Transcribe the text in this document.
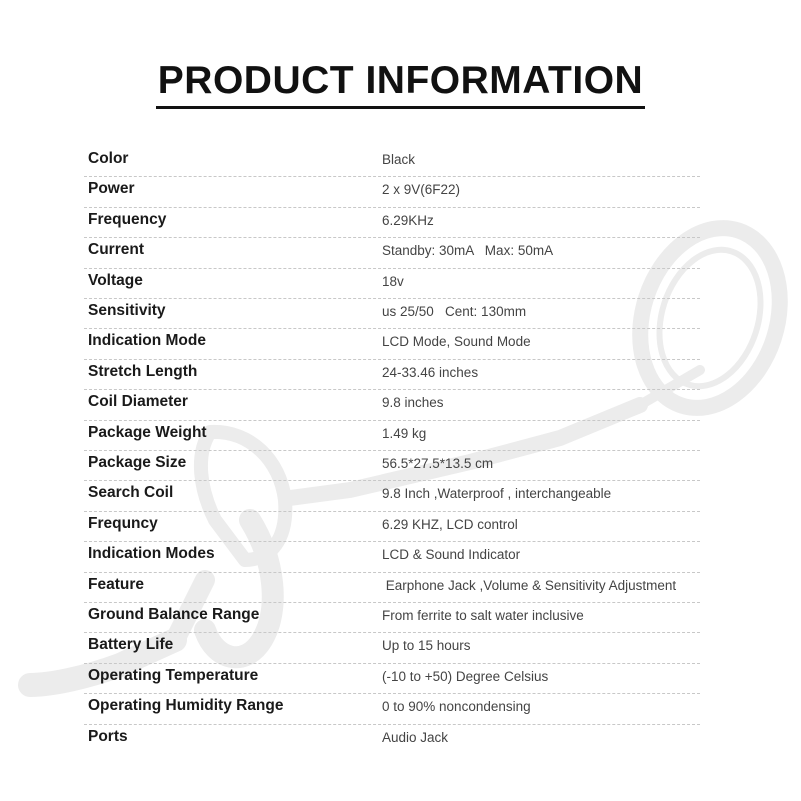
PRODUCT INFORMATION
Color	Black
Power	2 x 9V(6F22)
Frequency	6.29KHz
Current	Standby: 30mA   Max: 50mA
Voltage	18v
Sensitivity	us 25/50   Cent: 130mm
Indication Mode	LCD Mode, Sound Mode
Stretch Length	24-33.46 inches
Coil Diameter	9.8 inches
Package Weight	1.49 kg
Package Size	56.5*27.5*13.5 cm
Search Coil	9.8 Inch ,Waterproof , interchangeable
Frequncy	6.29 KHZ, LCD control
Indication Modes	LCD & Sound Indicator
Feature	Earphone Jack ,Volume & Sensitivity Adjustment
Ground Balance Range	From ferrite to salt water inclusive
Battery Life	Up to 15 hours
Operating Temperature	(-10 to +50) Degree Celsius
Operating Humidity Range	0 to 90% noncondensing
Ports	Audio Jack
